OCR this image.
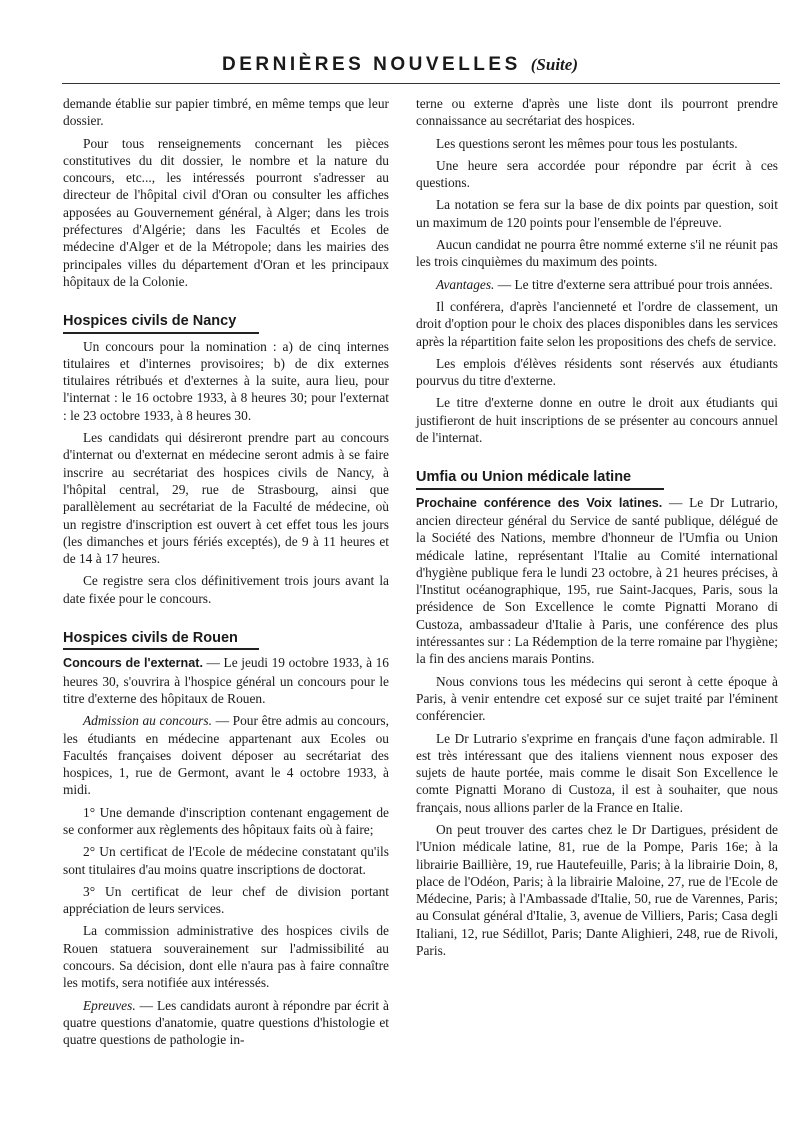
DERNIÈRES NOUVELLES (Suite)

demande établie sur papier timbré, en même temps que leur dossier.

Pour tous renseignements concernant les pièces constitutives du dit dossier, le nombre et la nature du concours, etc..., les intéressés pourront s'adresser au directeur de l'hôpital civil d'Oran ou consulter les affiches apposées au Gouvernement général, à Alger; dans les trois préfectures d'Algérie; dans les Facultés et Ecoles de médecine d'Alger et de la Métropole; dans les mairies des principales villes du département d'Oran et les principaux hôpitaux de la Colonie.

Hospices civils de Nancy

Un concours pour la nomination : a) de cinq internes titulaires et d'internes provisoires; b) de dix externes titulaires rétribués et d'externes à la suite, aura lieu, pour l'internat : le 16 octobre 1933, à 8 heures 30; pour l'externat : le 23 octobre 1933, à 8 heures 30.

Les candidats qui désireront prendre part au concours d'internat ou d'externat en médecine seront admis à se faire inscrire au secrétariat des hospices civils de Nancy, à l'hôpital central, 29, rue de Strasbourg, ainsi que parallèlement au secrétariat de la Faculté de médecine, où un registre d'inscription est ouvert à cet effet tous les jours (les dimanches et jours fériés exceptés), de 9 à 11 heures et de 14 à 17 heures.

Ce registre sera clos définitivement trois jours avant la date fixée pour le concours.

Hospices civils de Rouen

Concours de l'externat. — Le jeudi 19 octobre 1933, à 16 heures 30, s'ouvrira à l'hospice général un concours pour le titre d'externe des hôpitaux de Rouen.

Admission au concours. — Pour être admis au concours, les étudiants en médecine appartenant aux Ecoles ou Facultés françaises doivent déposer au secrétariat des hospices, 1, rue de Germont, avant le 4 octobre 1933, à midi.

1° Une demande d'inscription contenant engagement de se conformer aux règlements des hôpitaux faits où à faire;

2° Un certificat de l'Ecole de médecine constatant qu'ils sont titulaires d'au moins quatre inscriptions de doctorat.

3° Un certificat de leur chef de division portant appréciation de leurs services.

La commission administrative des hospices civils de Rouen statuera souverainement sur l'admissibilité au concours. Sa décision, dont elle n'aura pas à faire connaître les motifs, sera notifiée aux intéressés.

Epreuves. — Les candidats auront à répondre par écrit à quatre questions d'anatomie, quatre questions d'histologie et quatre questions de pathologie in-

terne ou externe d'après une liste dont ils pourront prendre connaissance au secrétariat des hospices.

Les questions seront les mêmes pour tous les postulants.

Une heure sera accordée pour répondre par écrit à ces questions.

La notation se fera sur la base de dix points par question, soit un maximum de 120 points pour l'ensemble de l'épreuve.

Aucun candidat ne pourra être nommé externe s'il ne réunit pas les trois cinquièmes du maximum des points.

Avantages. — Le titre d'externe sera attribué pour trois années.

Il conférera, d'après l'ancienneté et l'ordre de classement, un droit d'option pour le choix des places disponibles dans les services après la répartition faite selon les propositions des chefs de service.

Les emplois d'élèves résidents sont réservés aux étudiants pourvus du titre d'externe.

Le titre d'externe donne en outre le droit aux étudiants qui justifieront de huit inscriptions de se présenter au concours annuel de l'internat.

Umfia ou Union médicale latine

Prochaine conférence des Voix latines. — Le Dr Lutrario, ancien directeur général du Service de santé publique, délégué de la Société des Nations, membre d'honneur de l'Umfia ou Union médicale latine, représentant l'Italie au Comité international d'hygiène publique fera le lundi 23 octobre, à 21 heures précises, à l'Institut océanographique, 195, rue Saint-Jacques, Paris, sous la présidence de Son Excellence le comte Pignatti Morano di Custoza, ambassadeur d'Italie à Paris, une conférence des plus intéressantes sur : La Rédemption de la terre romaine par l'hygiène; la fin des anciens marais Pontins.

Nous convions tous les médecins qui seront à cette époque à Paris, à venir entendre cet exposé sur ce sujet traité par l'éminent conférencier.

Le Dr Lutrario s'exprime en français d'une façon admirable. Il est très intéressant que des italiens viennent nous exposer des sujets de haute portée, mais comme le disait Son Excellence le comte Pignatti Morano di Custoza, il est à souhaiter, que nous français, nous allions parler de la France en Italie.

On peut trouver des cartes chez le Dr Dartigues, président de l'Union médicale latine, 81, rue de la Pompe, Paris 16e; à la librairie Baillière, 19, rue Hautefeuille, Paris; à la librairie Doin, 8, place de l'Odéon, Paris; à la librairie Maloine, 27, rue de l'Ecole de Médecine, Paris; à l'Ambassade d'Italie, 50, rue de Varennes, Paris; au Consulat général d'Italie, 3, avenue de Villiers, Paris; Casa degli Italiani, 12, rue Sédillot, Paris; Dante Alighieri, 248, rue de Rivoli, Paris.
